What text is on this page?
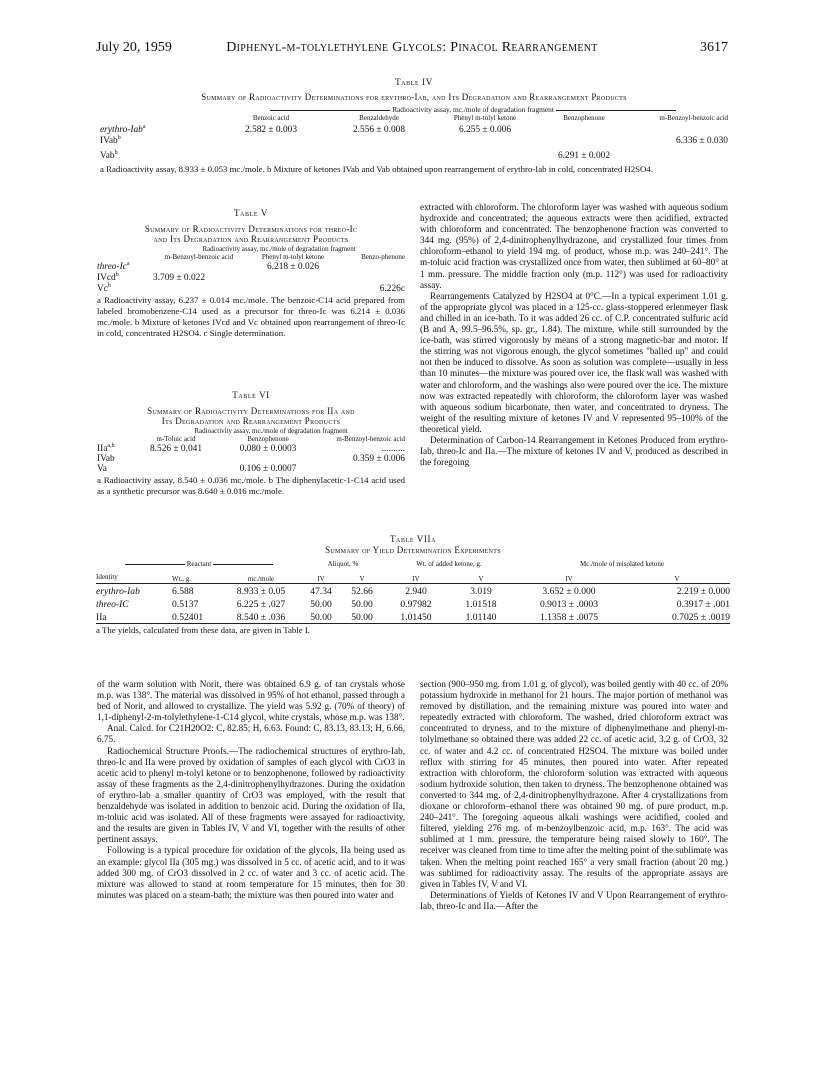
July 20, 1959	Diphenyl-m-tolylethylene Glycols: Pinacol Rearrangement	3617
Table IV
Summary of Radioactivity Determinations for erythro-Iab, and Its Degradation and Rearrangement Products
	Radioactivity assay, mc./mole of degradation fragment				
	Benzoic acid	Benzaldehyde	Phenyl m-tolyl ketone	Benzophenone	m-Benzoyl-benzoic acid
erythro-Iab$^a$	2.582 ± 0.003	2.556 ± 0.008	6.255 ± 0.006		
IVab$^b$					6.336 ± 0.030
Vab$^b$				6.291 ± 0.002	
a Radioactivity assay, 8.933 ± 0.053 mc./mole. b Mixture of ketones IVab and Vab obtained upon rearrangement of erythro-Iab in cold, concentrated H2SO4.
Table V
Summary of Radioactivity Determinations for threo-Ic
and Its Degradation and Rearrangement Products
	Radioactivity assay, mc./mole of degradation fragment		
	m-Benzoyl-benzoic acid	Phenyl m-tolyl ketone	Benzo-phenone
threo-Ic$^a$		6.218 ± 0.026	
IVcd$^b$	3.709 ± 0.022		
Vc$^b$			6.226c
a Radioactivity assay, 6.237 ± 0.014 mc./mole. The benzoic-C14 acid prepared from labeled bromobenzene-C14 used as a precursor for threo-Ic was 6.214 ± 0.036 mc./mole. b Mixture of ketones IVcd and Vc obtained upon rearrangement of threo-Ic in cold, concentrated H2SO4. c Single determination.
Table VI
Summary of Radioactivity Determinations for IIa and
Its Degradation and Rearrangement Products
	Radioactivity assay, mc./mole of degradation fragment		
	m-Toluic acid	Benzophenone	m-Benzoyl-benzoic acid
IIa$^{a,b}$	8.526 ± 0.041	0.080 ± 0.0003	..........
IVab			0.359 ± 0.006
Va		0.106 ± 0.0007	
a Radioactivity assay, 8.540 ± 0.036 mc./mole. b The diphenylacetic-1-C14 acid used as a synthetic precursor was 8.640 ± 0.016 mc./mole.

extracted with chloroform. The chloroform layer was washed with aqueous sodium hydroxide and concentrated; the aqueous extracts were then acidified, extracted with chloroform and concentrated. The benzophenone fraction was converted to 344 mg. (95%) of 2,4-dinitrophenylhydrazone, and crystallized four times from chloroform–ethanol to yield 194 mg. of product, whose m.p. was 240–241°. The m-toluic acid fraction was crystallized once from water, then sublimed at 60–80° at 1 mm. pressure. The middle fraction only (m.p. 112°) was used for radioactivity assay.

Rearrangements Catalyzed by H2SO4 at 0°C.—In a typical experiment 1.01 g. of the appropriate glycol was placed in a 125-cc. glass-stoppered erlenmeyer flask and chilled in an ice-bath. To it was added 26 cc. of C.P. concentrated sulfuric acid (B and A, 99.5–96.5%, sp. gr., 1.84). The mixture, while still surrounded by the ice-bath, was stirred vigorously by means of a strong magnetic-bar and motor. If the stirring was not vigorous enough, the glycol sometimes "balled up" and could not then be induced to dissolve. As soon as solution was complete—usually in less than 10 minutes—the mixture was poured over ice, the flask wall was washed with water and chloroform, and the washings also were poured over the ice. The mixture now was extracted repeatedly with chloroform, the chloroform layer was washed with aqueous sodium bicarbonate, then water, and concentrated to dryness. The weight of the resulting mixture of ketones IV and V represented 95–100% of the theoretical yield.

Determination of Carbon-14 Rearrangement in Ketones Produced from erythro-Iab, threo-Ic and IIa.—The mixture of ketones IV and V, produced as described in the foregoing

Table VIIa
Summary of Yield Determination Experiments
Reactant			Aliquot, %		Wt. of added ketone, g.		Mc./mole of reisolated ketone	
Identity	Wt., g.	mc./mole	IV	V	IV	V	IV	V
erythro-Iab	6.588	8.933 ± 0.05	47.34	52.66	2.940	3.019	3.652 ± 0.000	2.219 ± 0.000
threo-IC	0.5137	6.225 ± .027	50.00	50.00	0.97982	1.01518	0.9013 ± .0003	0.3917 ± .001
IIa	0.52401	8.540 ± .036	50.00	50.00	1.01450	1.01140	1.1358 ± .0075	0.7025 ± .0019
a The yields, calculated from these data, are given in Table I.

of the warm solution with Norit, there was obtained 6.9 g. of tan crystals whose m.p. was 138°. The material was dissolved in 95% of hot ethanol, passed through a bed of Norit, and allowed to crystallize. The yield was 5.92 g. (70% of theory) of 1,1-diphenyl-2-m-tolylethylene-1-C14 glycol, white crystals, whose m.p. was 138°.

Anal. Calcd. for C21H20O2: C, 82.85; H, 6.63. Found: C, 83.13, 83.13; H, 6.66, 6.75.

Radiochemical Structure Proofs.—The radiochemical structures of erythro-Iab, threo-Ic and IIa were proved by oxidation of samples of each glycol with CrO3 in acetic acid to phenyl m-tolyl ketone or to benzophenone, followed by radioactivity assay of these fragments as the 2,4-dinitrophenylhydrazones. During the oxidation of erythro-Iab a smaller quantity of CrO3 was employed, with the result that benzaldehyde was isolated in addition to benzoic acid. During the oxidation of IIa, m-toluic acid was isolated. All of these fragments were assayed for radioactivity, and the results are given in Tables IV, V and VI, together with the results of other pertinent assays.

Following is a typical procedure for oxidation of the glycols, IIa being used as an example: glycol IIa (305 mg.) was dissolved in 5 cc. of acetic acid, and to it was added 300 mg. of CrO3 dissolved in 2 cc. of water and 3 cc. of acetic acid. The mixture was allowed to stand at room temperature for 15 minutes, then for 30 minutes was placed on a steam-bath; the mixture was then poured into water and

section (900–950 mg. from 1.01 g. of glycol), was boiled gently with 40 cc. of 20% potassium hydroxide in methanol for 21 hours. The major portion of methanol was removed by distillation, and the remaining mixture was poured into water and repeatedly extracted with chloroform. The washed, dried chloroform extract was concentrated to dryness, and to the mixture of diphenylmethane and phenyl-m-tolylmethane so obtained there was added 22 cc. of acetic acid, 3.2 g. of CrO3, 32 cc. of water and 4.2 cc. of concentrated H2SO4. The mixture was boiled under reflux with stirring for 45 minutes, then poured into water. After repeated extraction with chloroform, the chloroform solution was extracted with aqueous sodium hydroxide solution, then taken to dryness. The benzophenone obtained was converted to 344 mg. of 2,4-dinitrophenylhydrazone. After 4 crystallizations from dioxane or chloroform–ethanol there was obtained 90 mg. of pure product, m.p. 240–241°. The foregoing aqueous alkali washings were acidified, cooled and filtered, yielding 276 mg. of m-benzoylbenzoic acid, m.p. 163°. The acid was sublimed at 1 mm. pressure, the temperature being raised slowly to 160°. The receiver was cleaned from time to time after the melting point of the sublimate was taken. When the melting point reached 165° a very small fraction (about 20 mg.) was sublimed for radioactivity assay. The results of the appropriate assays are given in Tables IV, V and VI.

Determinations of Yields of Ketones IV and V Upon Rearrangement of erythro-Iab, threo-Ic and IIa.—After the
